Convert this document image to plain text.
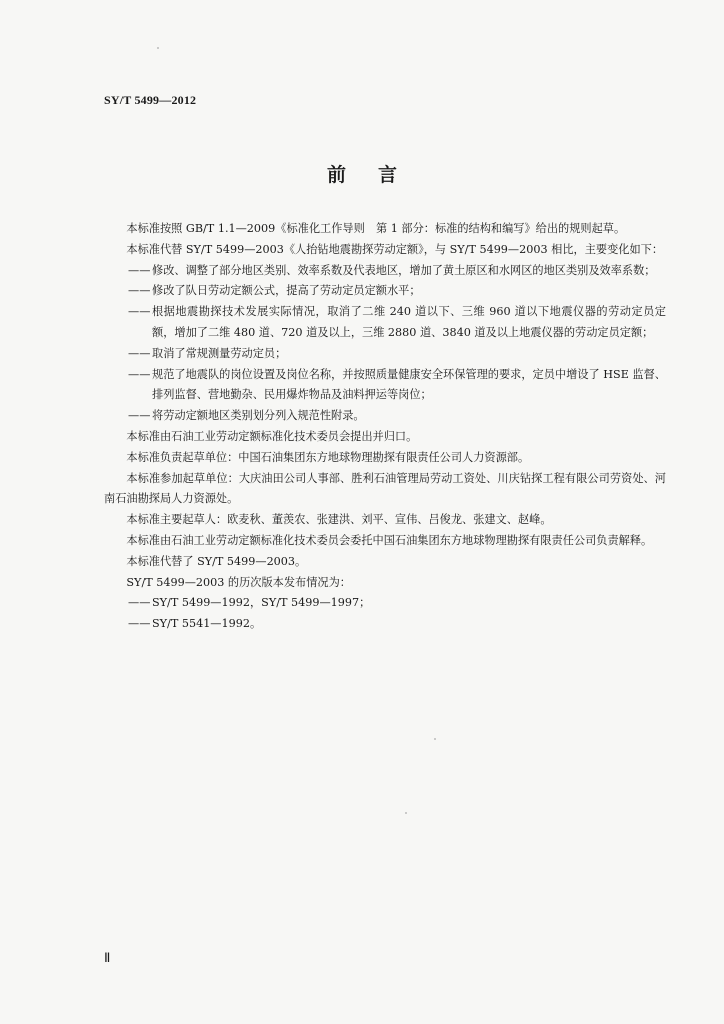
SY/T 5499—2012
前 言
本标准按照 GB/T 1.1—2009《标准化工作导则　第 1 部分：标准的结构和编写》给出的规则起草。
本标准代替 SY/T 5499—2003《人抬钻地震勘探劳动定额》，与 SY/T 5499—2003 相比，主要变化如下：
—— 修改、调整了部分地区类别、效率系数及代表地区，增加了黄土原区和水网区的地区类别及效率系数；
—— 修改了队日劳动定额公式，提高了劳动定员定额水平；
—— 根据地震勘探技术发展实际情况，取消了二维 240 道以下、三维 960 道以下地震仪器的劳动定员定额，增加了二维 480 道、720 道及以上，三维 2880 道、3840 道及以上地震仪器的劳动定员定额；
—— 取消了常规测量劳动定员；
—— 规范了地震队的岗位设置及岗位名称，并按照质量健康安全环保管理的要求，定员中增设了 HSE 监督、排列监督、营地勤杂、民用爆炸物品及油料押运等岗位；
—— 将劳动定额地区类别划分列入规范性附录。
本标准由石油工业劳动定额标准化技术委员会提出并归口。
本标准负责起草单位：中国石油集团东方地球物理勘探有限责任公司人力资源部。
本标准参加起草单位：大庆油田公司人事部、胜利石油管理局劳动工资处、川庆钻探工程有限公司劳资处、河南石油勘探局人力资源处。
本标准主要起草人：欧麦秋、董羡农、张建洪、刘平、宣伟、吕俊龙、张建文、赵峰。
本标准由石油工业劳动定额标准化技术委员会委托中国石油集团东方地球物理勘探有限责任公司负责解释。
本标准代替了 SY/T 5499—2003。
SY/T 5499—2003 的历次版本发布情况为：
—— SY/T 5499—1992，SY/T 5499—1997；
—— SY/T 5541—1992。
Ⅱ
